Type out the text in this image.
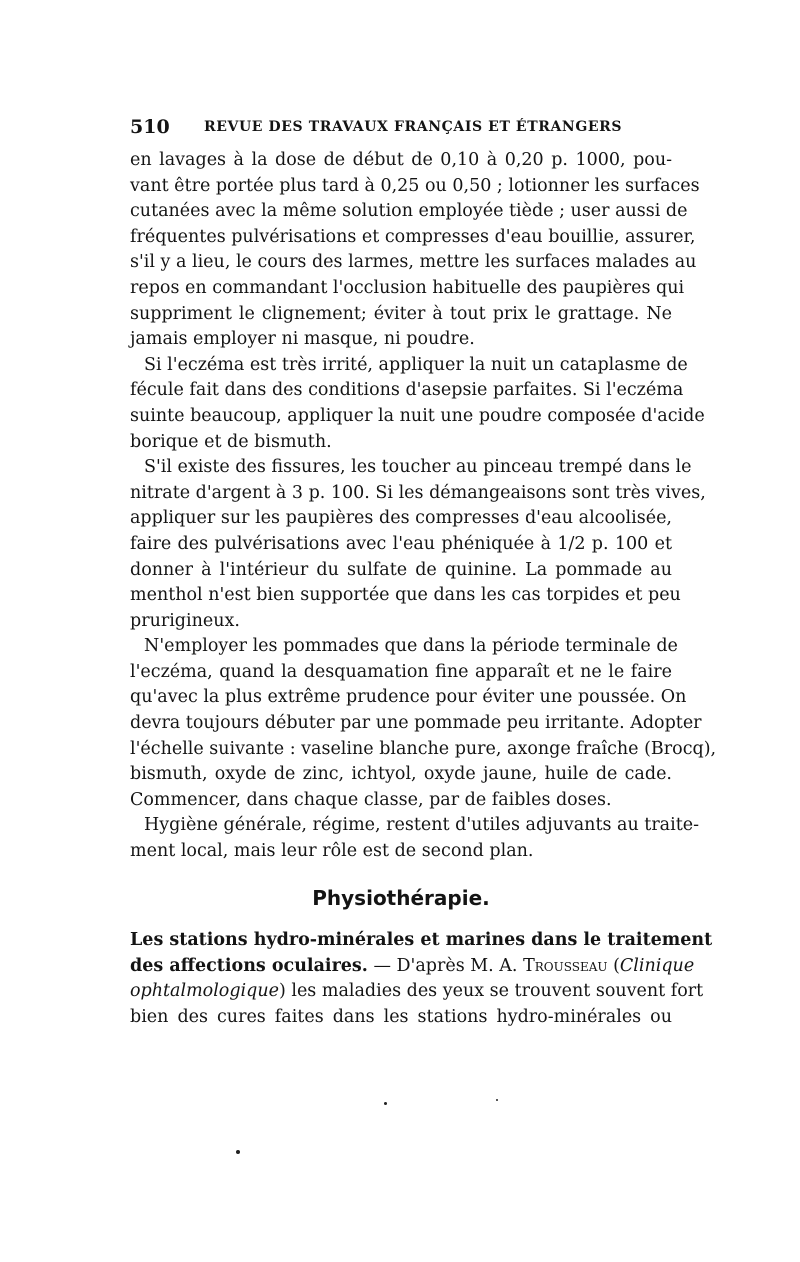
510 REVUE DES TRAVAUX FRANÇAIS ET ÉTRANGERS
en lavages à la dose de début de 0,10 à 0,20 p. 1000, pou-
vant être portée plus tard à 0,25 ou 0,50 ; lotionner les surfaces
cutanées avec la même solution employée tiède ; user aussi de
fréquentes pulvérisations et compresses d'eau bouillie, assurer,
s'il y a lieu, le cours des larmes, mettre les surfaces malades au
repos en commandant l'occlusion habituelle des paupières qui
suppriment le clignement; éviter à tout prix le grattage. Ne
jamais employer ni masque, ni poudre.
Si l'eczéma est très irrité, appliquer la nuit un cataplasme de
fécule fait dans des conditions d'asepsie parfaites. Si l'eczéma
suinte beaucoup, appliquer la nuit une poudre composée d'acide
borique et de bismuth.
S'il existe des fissures, les toucher au pinceau trempé dans le
nitrate d'argent à 3 p. 100. Si les démangeaisons sont très vives,
appliquer sur les paupières des compresses d'eau alcoolisée,
faire des pulvérisations avec l'eau phéniquée à 1/2 p. 100 et
donner à l'intérieur du sulfate de quinine. La pommade au
menthol n'est bien supportée que dans les cas torpides et peu
prurigineux.
N'employer les pommades que dans la période terminale de
l'eczéma, quand la desquamation fine apparaît et ne le faire
qu'avec la plus extrême prudence pour éviter une poussée. On
devra toujours débuter par une pommade peu irritante. Adopter
l'échelle suivante : vaseline blanche pure, axonge fraîche (Brocq),
bismuth, oxyde de zinc, ichtyol, oxyde jaune, huile de cade.
Commencer, dans chaque classe, par de faibles doses.
Hygiène générale, régime, restent d'utiles adjuvants au traite-
ment local, mais leur rôle est de second plan.
Physiothérapie.
Les stations hydro-minérales et marines dans le traitement
des affections oculaires. — D'après M. A. Trousseau (Clinique
ophtalmologique) les maladies des yeux se trouvent souvent fort
bien des cures faites dans les stations hydro-minérales ou
